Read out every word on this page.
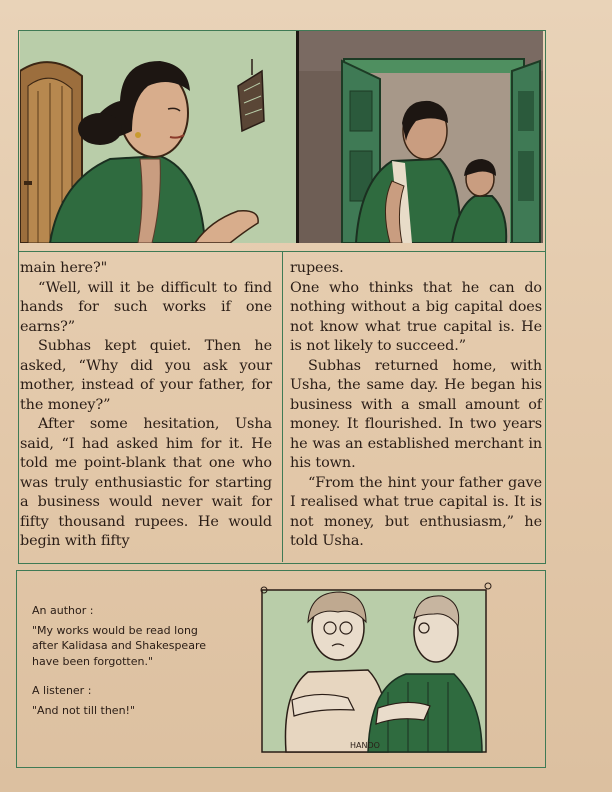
main here?"

“Well, will it be difficult to find hands for such works if one earns?”

Subhas kept quiet. Then he asked, “Why did you ask your mother, instead of your father, for the money?”

After some hesitation, Usha said, “I had asked him for it. He told me point-blank that one who was truly enthusiastic for starting a business would never wait for fifty thousand rupees. He would begin with fifty

rupees.

One who thinks that he can do nothing without a big capital does not know what true capital is. He is not likely to succeed.”

Subhas returned home, with Usha, the same day. He began his business with a small amount of money. It flourished. In two years he was an established merchant in his town.

“From the hint your father gave I realised what true capital is. It is not money, but enthusiasm,” he told Usha.

An author :

"My works would be read long after Kalidasa and Shakespeare have been forgotten."

A listener :

"And not till then!"

HANDO
